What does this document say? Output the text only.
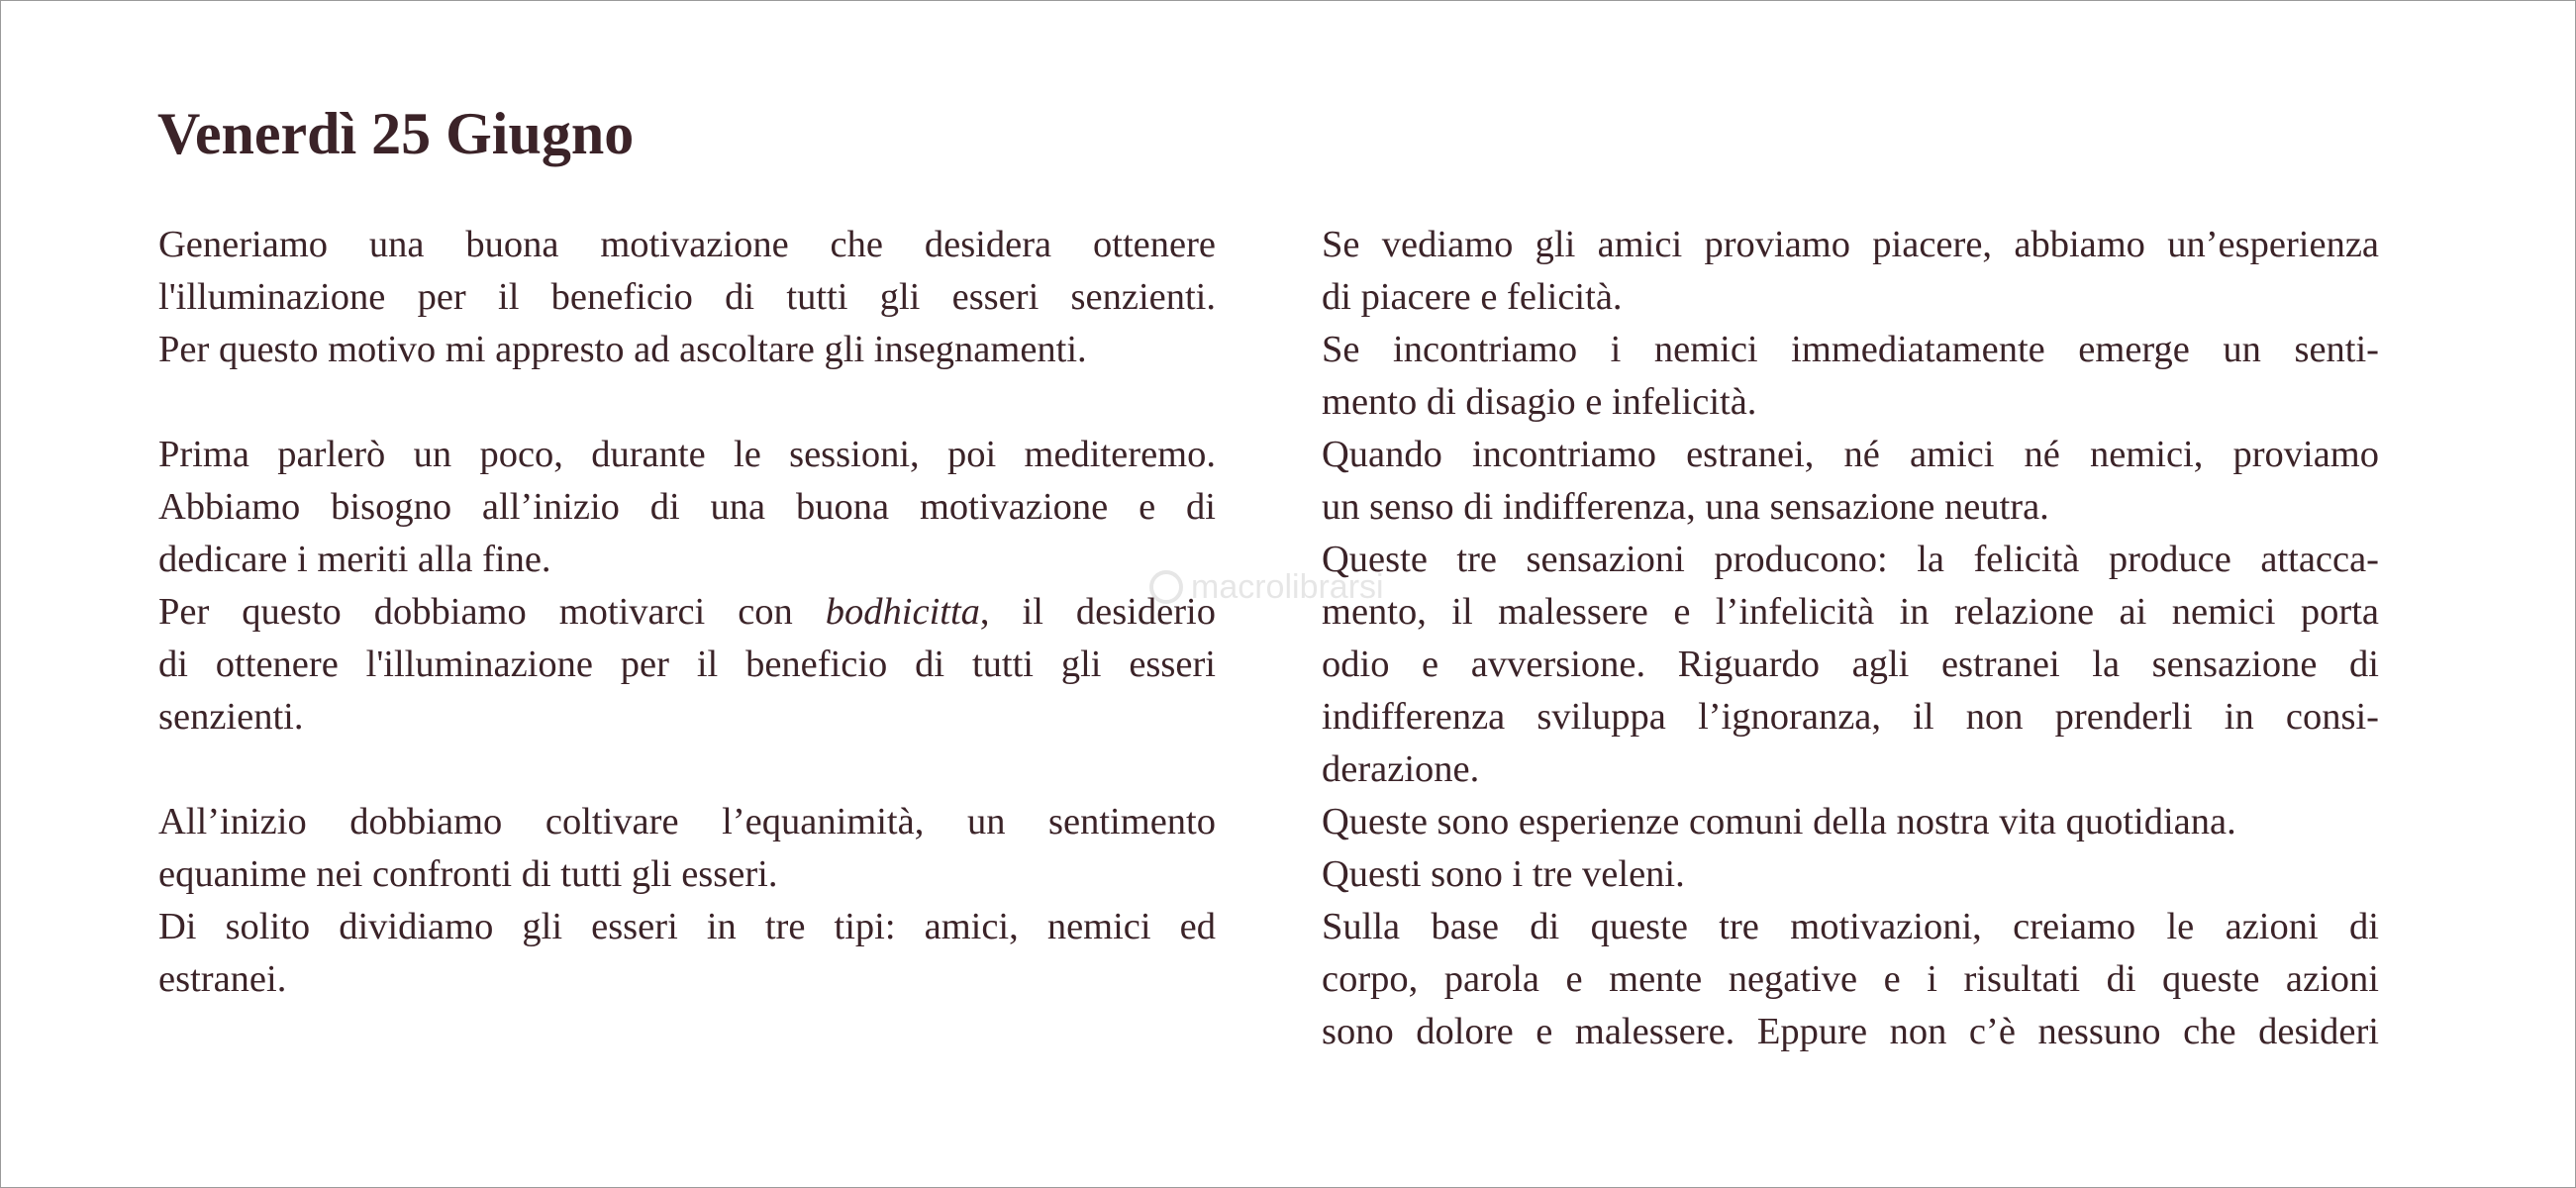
Venerdì 25 Giugno
Generiamo una buona motivazione che desidera ottenere
l'illuminazione per il beneficio di tutti gli esseri senzienti.
Per questo motivo mi appresto ad ascoltare gli insegnamenti.
Prima parlerò un poco, durante le sessioni, poi mediteremo.
Abbiamo bisogno all’inizio di una buona motivazione e di
dedicare i meriti alla fine.
Per questo dobbiamo motivarci con bodhicitta, il desiderio
di ottenere l'illuminazione per il beneficio di tutti gli esseri
senzienti.
All’inizio dobbiamo coltivare l’equanimità, un sentimento
equanime nei confronti di tutti gli esseri.
Di solito dividiamo gli esseri in tre tipi: amici, nemici ed
estranei.
Se vediamo gli amici proviamo piacere, abbiamo un’esperienza
di piacere e felicità.
Se incontriamo i nemici immediatamente emerge un senti-
mento di disagio e infelicità.
Quando incontriamo estranei, né amici né nemici, proviamo
un senso di indifferenza, una sensazione neutra.
Queste tre sensazioni producono: la felicità produce attacca-
mento, il malessere e l’infelicità in relazione ai nemici porta
odio e avversione. Riguardo agli estranei la sensazione di
indifferenza sviluppa l’ignoranza, il non prenderli in consi-
derazione.
Queste sono esperienze comuni della nostra vita quotidiana.
Questi sono i tre veleni.
Sulla base di queste tre motivazioni, creiamo le azioni di
corpo, parola e mente negative e i risultati di queste azioni
sono dolore e malessere. Eppure non c’è nessuno che desideri
macrolibrarsi
